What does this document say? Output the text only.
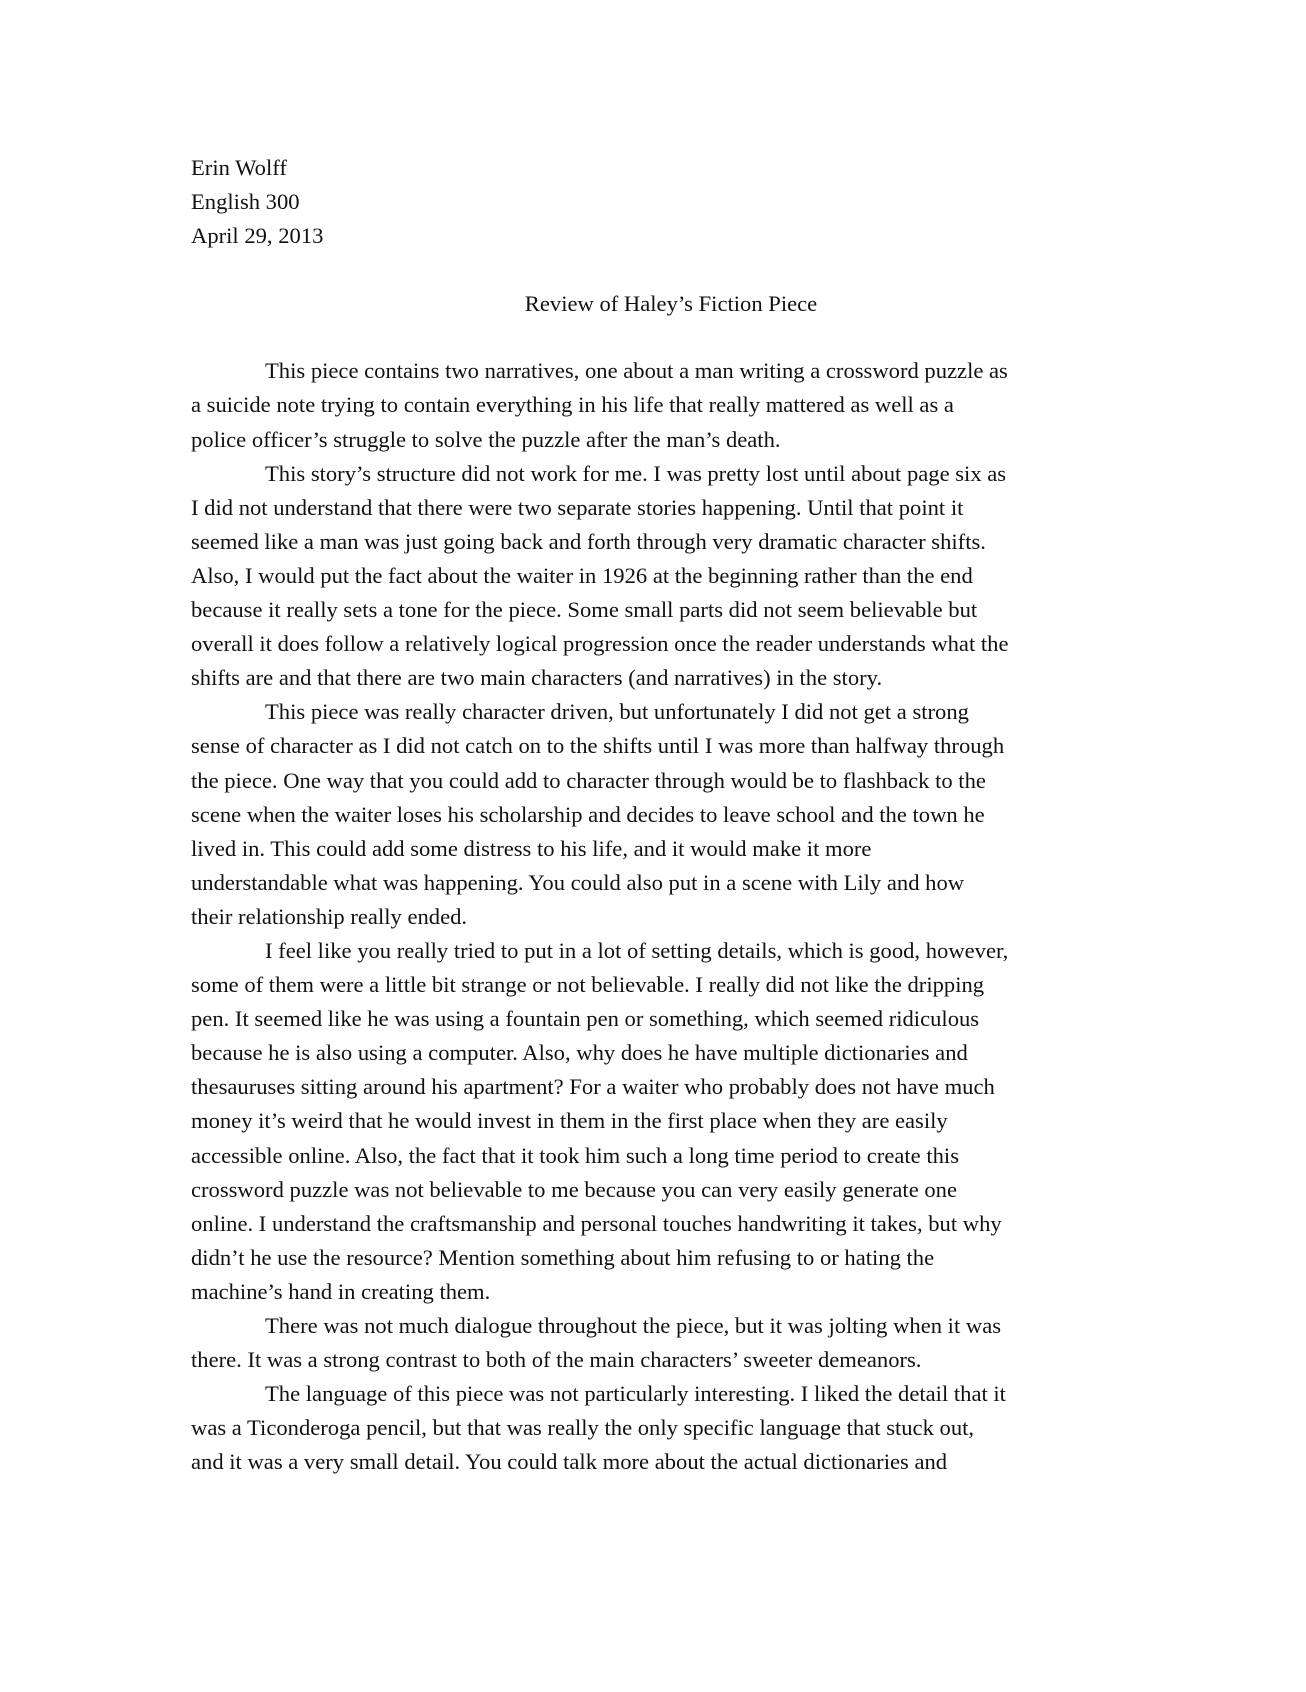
Erin Wolff
English 300
April 29, 2013
Review of Haley’s Fiction Piece
This piece contains two narratives, one about a man writing a crossword puzzle as
a suicide note trying to contain everything in his life that really mattered as well as a
police officer’s struggle to solve the puzzle after the man’s death.
This story’s structure did not work for me. I was pretty lost until about page six as
I did not understand that there were two separate stories happening. Until that point it
seemed like a man was just going back and forth through very dramatic character shifts.
Also, I would put the fact about the waiter in 1926 at the beginning rather than the end
because it really sets a tone for the piece. Some small parts did not seem believable but
overall it does follow a relatively logical progression once the reader understands what the
shifts are and that there are two main characters (and narratives) in the story.
This piece was really character driven, but unfortunately I did not get a strong
sense of character as I did not catch on to the shifts until I was more than halfway through
the piece. One way that you could add to character through would be to flashback to the
scene when the waiter loses his scholarship and decides to leave school and the town he
lived in. This could add some distress to his life, and it would make it more
understandable what was happening. You could also put in a scene with Lily and how
their relationship really ended.
I feel like you really tried to put in a lot of setting details, which is good, however,
some of them were a little bit strange or not believable. I really did not like the dripping
pen. It seemed like he was using a fountain pen or something, which seemed ridiculous
because he is also using a computer. Also, why does he have multiple dictionaries and
thesauruses sitting around his apartment? For a waiter who probably does not have much
money it’s weird that he would invest in them in the first place when they are easily
accessible online. Also, the fact that it took him such a long time period to create this
crossword puzzle was not believable to me because you can very easily generate one
online. I understand the craftsmanship and personal touches handwriting it takes, but why
didn’t he use the resource? Mention something about him refusing to or hating the
machine’s hand in creating them.
There was not much dialogue throughout the piece, but it was jolting when it was
there. It was a strong contrast to both of the main characters’ sweeter demeanors.
The language of this piece was not particularly interesting. I liked the detail that it
was a Ticonderoga pencil, but that was really the only specific language that stuck out,
and it was a very small detail. You could talk more about the actual dictionaries and
